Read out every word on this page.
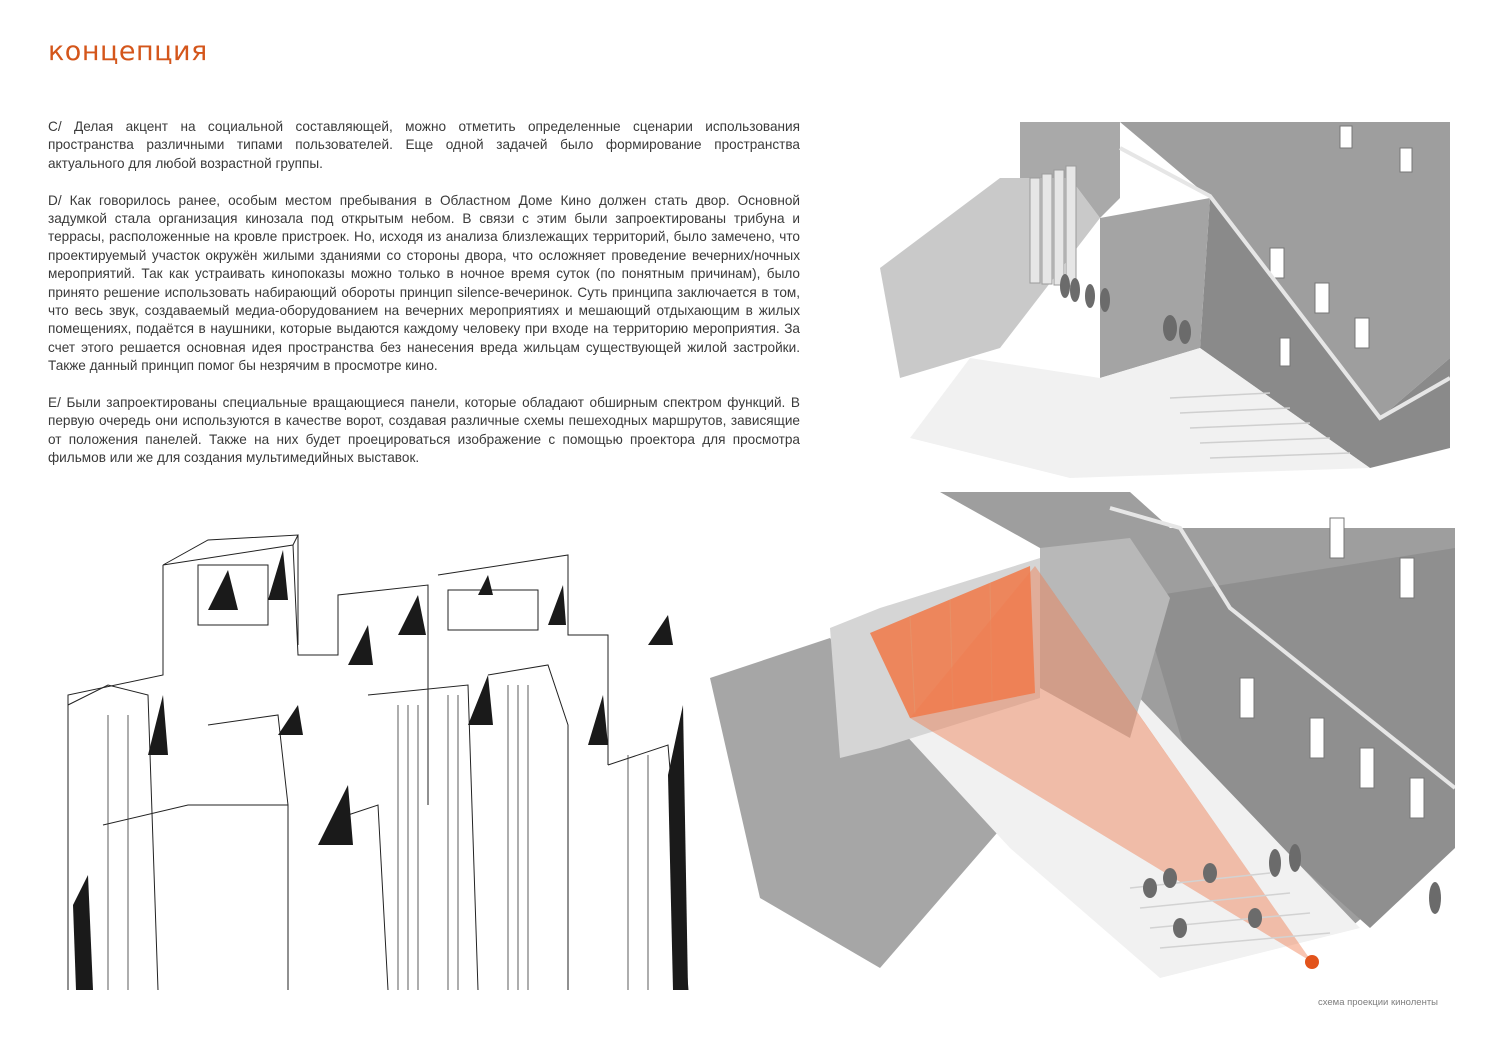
концепция

C/ Делая акцент на социальной составляющей, можно отметить определенные сценарии использования пространства различными типами пользователей. Еще одной задачей было формирование пространства актуального для любой возрастной группы.

D/ Как говорилось ранее, особым местом пребывания в Областном Доме Кино должен стать двор. Основной задумкой стала организация кинозала под открытым небом. В связи с этим были запроектированы трибуна и террасы, расположенные на кровле пристроек. Но, исходя из анализа близлежащих территорий, было замечено, что проектируемый участок окружён жилыми зданиями со стороны двора, что осложняет проведение вечерних/ночных мероприятий. Так как устраивать кинопоказы можно только в ночное время суток (по понятным причинам), было принято решение использовать набирающий обороты принцип silence-вечеринок. Суть принципа заключается в том, что весь звук, создаваемый медиа-оборудованием на вечерних мероприятиях и мешающий отдыхающим в жилых помещениях, подаётся в наушники, которые выдаются каждому человеку при входе на территорию мероприятия. За счет этого решается основная идея пространства без нанесения вреда жильцам существующей жилой застройки. Также данный принцип помог бы незрячим в просмотре кино.

E/ Были запроектированы специальные вращающиеся панели, которые обладают обширным спектром функций. В первую очередь они используются в качестве ворот, создавая различные схемы пешеходных маршрутов, зависящие от положения панелей. Также на них будет проецироваться изображение с помощью проектора для просмотра фильмов или же для создания мультимедийных выставок.

схема проекции киноленты
